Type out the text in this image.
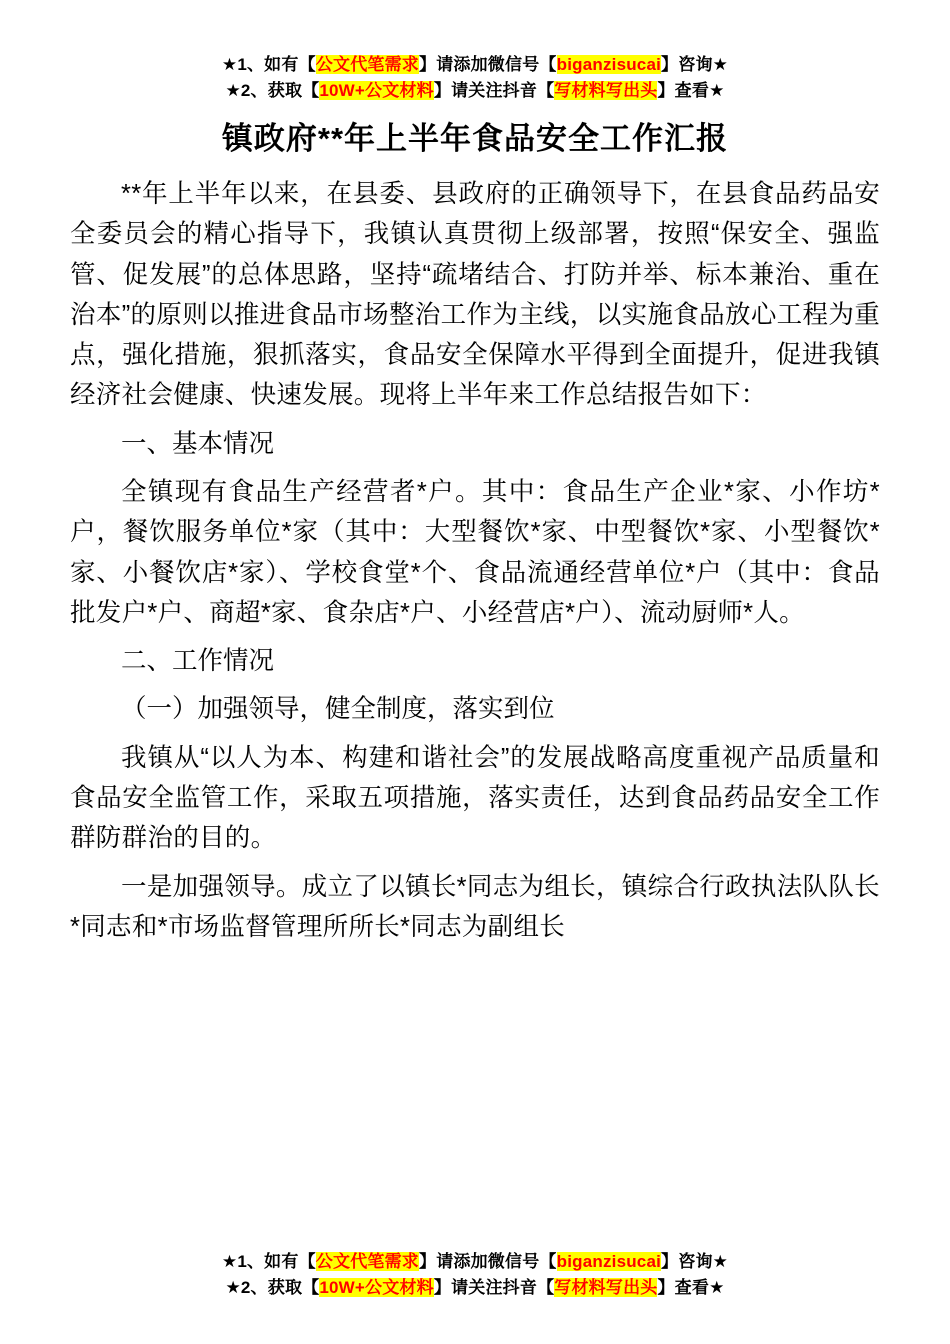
★1、如有【公文代笔需求】请添加微信号【biganzisucai】咨询★
★2、获取【10W+公文材料】请关注抖音【写材料写出头】查看★
镇政府**年上半年食品安全工作汇报

**年上半年以来，在县委、县政府的正确领导下，在县食品药品安全委员会的精心指导下，我镇认真贯彻上级部署，按照“保安全、强监管、促发展”的总体思路，坚持“疏堵结合、打防并举、标本兼治、重在治本”的原则以推进食品市场整治工作为主线，以实施食品放心工程为重点，强化措施，狠抓落实，食品安全保障水平得到全面提升，促进我镇经济社会健康、快速发展。现将上半年来工作总结报告如下：

一、基本情况

全镇现有食品生产经营者*户。其中：食品生产企业*家、小作坊*户，餐饮服务单位*家（其中：大型餐饮*家、中型餐饮*家、小型餐饮*家、小餐饮店*家）、学校食堂*个、食品流通经营单位*户（其中：食品批发户*户、商超*家、食杂店*户、小经营店*户）、流动厨师*人。

二、工作情况

（一）加强领导，健全制度，落实到位

我镇从“以人为本、构建和谐社会”的发展战略高度重视产品质量和食品安全监管工作，采取五项措施，落实责任，达到食品药品安全工作群防群治的目的。

一是加强领导。成立了以镇长*同志为组长，镇综合行政执法队队长*同志和*市场监督管理所所长*同志为副组长

★1、如有【公文代笔需求】请添加微信号【biganzisucai】咨询★
★2、获取【10W+公文材料】请关注抖音【写材料写出头】查看★
